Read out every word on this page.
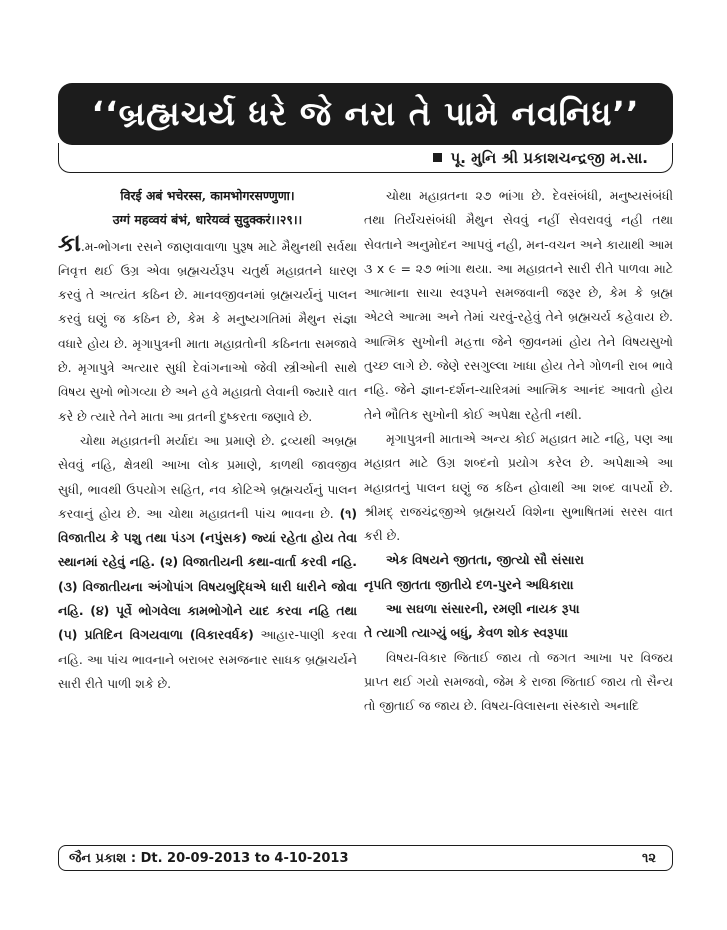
‘‘બ્રહ્મચર્ય ધરે જે નરા તે પામે નવનિધ’’
પૂ. મુનિ શ્રી પ્રકાશચન્દ્રજી મ.સા.

विरई अबं भचेरस्स, कामभोगरसण्णुणा।

उग्गं महव्वयं बंभं, धारेयव्वं सुदुक्करं।।२९।।

કા.મ-ભોગના રસને જાણવાવાળા પુરૂષ માટે મૈથુનથી સર્વથા નિવૃત્ત થઈ ઉગ્ર એવા બ્રહ્મચર્યરૂપ ચતુર્થ મહાવ્રતને ધારણ કરવું તે અત્યંત કઠિન છે. માનવજીવનમાં બ્રહ્મચર્યનું પાલન કરવું ઘણું જ કઠિન છે, કેમ કે મનુષ્યગતિમાં મૈથુન સંજ્ઞા વધારે હોય છે. મૃગાપુત્રની માતા મહાવ્રતોની કઠિનતા સમજાવે છે. મૃગાપુત્રે અત્યાર સુધી દેવાંગનાઓ જેવી સ્ત્રીઓની સાથે વિષય સુખો ભોગવ્યા છે અને હવે મહાવ્રતો લેવાની જ્યારે વાત કરે છે ત્યારે તેને માતા આ વ્રતની દુષ્કરતા જણાવે છે.

ચોથા મહાવ્રતની મર્યાદા આ પ્રમાણે છે. દ્રવ્યથી અબ્રહ્મ સેવવું નહિ, ક્ષેત્રથી આખા લોક પ્રમાણે, કાળથી જાવજીવ સુધી, ભાવથી ઉપયોગ સહિત, નવ કોટિએ બ્રહ્મચર્યનું પાલન કરવાનું હોય છે. આ ચોથા મહાવ્રતની પાંચ ભાવના છે. (૧) વિજાતીય કે પશુ તથા પંડગ (નપુંસક) જ્યાં રહેતા હોય તેવા સ્થાનમાં રહેવું નહિ. (૨) વિજાતીયની કથા-વાર્તા કરવી નહિ. (૩) વિજાતીયના અંગોપાંગ વિષયબુદ્ધિએ ધારી ધારીને જોવા નહિ. (૪) પૂર્વે ભોગવેલા કામભોગોને યાદ કરવા નહિ તથા (૫) પ્રતિદિન વિગયવાળા (વિકારવર્ધક) આહાર-પાણી કરવા નહિ. આ પાંચ ભાવનાને બરાબર સમજનાર સાધક બ્રહ્મચર્યને સારી રીતે પાળી શકે છે.

ચોથા મહાવ્રતના ૨૭ ભાંગા છે. દેવસંબંધી, મનુષ્યસંબંધી તથા તિર્યંચસંબંધી મૈથુન સેવવું નહીં સેવરાવવું નહી તથા સેવતાને અનુમોદન આપવું નહી, મન-વચન અને કાયાથી આમ ૩ x ૯ = ૨૭ ભાંગા થયા. આ મહાવ્રતને સારી રીતે પાળવા માટે આત્માના સાચા સ્વરૂપને સમજવાની જરૂર છે, કેમ કે બ્રહ્મ એટલે આત્મા અને તેમાં ચરવું-રહેવું તેને બ્રહ્મચર્ય કહેવાય છે. આત્મિક સુખોની મહત્તા જેને જીવનમાં હોય તેને વિષયસુખો તુચ્છ લાગે છે. જેણે રસગુલ્લા ખાધા હોય તેને ગોળની રાબ ભાવે નહિ. જેને જ્ઞાન-દર્શન-ચારિત્રમાં આત્મિક આનંદ આવતો હોય તેને ભૌતિક સુખોની કોઈ અપેક્ષા રહેતી નથી.

મૃગાપુત્રની માતાએ અન્ય કોઈ મહાવ્રત માટે નહિ, પણ આ મહાવ્રત માટે ઉગ્ર શબ્દનો પ્રયોગ કરેલ છે. અપેક્ષાએ આ મહાવ્રતનું પાલન ઘણું જ કઠિન હોવાથી આ શબ્દ વાપર્યો છે. શ્રીમદ્ રાજચંદ્રજીએ બ્રહ્મચર્ય વિશેના સુભાષિતમાં સરસ વાત કરી છે.

એક વિષયને જીતતા, જીત્યો સૌ સંસાર।

નૃપતિ જીતતા જીતીયે દળ-પુરને અધિકાર।।

આ સઘળા સંસારની, રમણી નાયક રૂપ।

તે ત્યાગી ત્યાગ્યું બધું, કેવળ શોક સ્વરૂપ।।

વિષય-વિકાર જિતાઈ જાય તો જગત આખા પર વિજય પ્રાપ્ત થઈ ગયો સમજવો, જેમ કે રાજા જિતાઈ જાય તો સૈન્ય તો જીતાઈ જ જાય છે. વિષય-વિલાસના સંસ્કારો અનાદિ

જૈન પ્રકાશ : Dt. 20-09-2013 to 4-10-2013	૧૨
